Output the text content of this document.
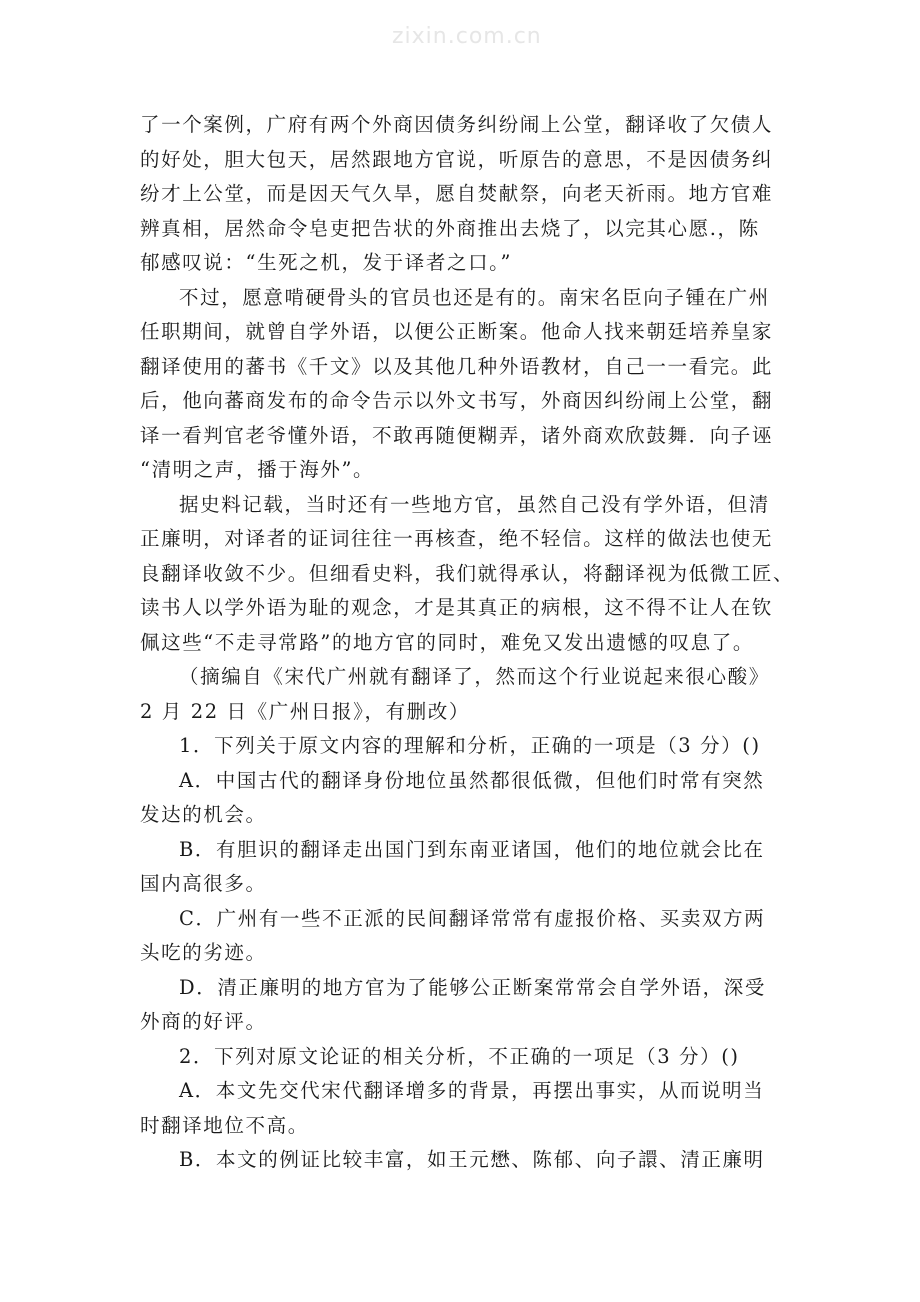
zixin.com.cn
了一个案例，广府有两个外商因债务纠纷闹上公堂，翻译收了欠债人
的好处，胆大包天，居然跟地方官说，听原告的意思，不是因债务纠
纷才上公堂，而是因天气久旱，愿自焚献祭，向老天祈雨。地方官难
辨真相，居然命令皂吏把告状的外商推出去烧了，以完其心愿.，陈
郁感叹说：“生死之机，发于译者之口。”
不过，愿意啃硬骨头的官员也还是有的。南宋名臣向子锺在广州
任职期间，就曾自学外语，以便公正断案。他命人找来朝廷培养皇家
翻译使用的蕃书《千文》以及其他几种外语教材，自己一一看完。此
后，他向蕃商发布的命令告示以外文书写，外商因纠纷闹上公堂，翻
译一看判官老爷懂外语，不敢再随便糊弄，诸外商欢欣鼓舞．向子诬
“清明之声，播于海外”。
据史料记载，当时还有一些地方官，虽然自己没有学外语，但清
正廉明，对译者的证词往往一再核查，绝不轻信。这样的做法也使无
良翻译收敛不少。但细看史料，我们就得承认，将翻译视为低微工匠、
读书人以学外语为耻的观念，才是其真正的病根，这不得不让人在钦
佩这些“不走寻常路”的地方官的同时，难免又发出遗憾的叹息了。
（摘编自《宋代广州就有翻译了，然而这个行业说起来很心酸》
2 月 22 日《广州日报》，有删改）
1．下列关于原文内容的理解和分析，正确的一项是（3 分）()
A．中国古代的翻译身份地位虽然都很低微，但他们时常有突然
发达的机会。
B．有胆识的翻译走出国门到东南亚诸国，他们的地位就会比在
国内高很多。
C．广州有一些不正派的民间翻译常常有虚报价格、买卖双方两
头吃的劣迹。
D．清正廉明的地方官为了能够公正断案常常会自学外语，深受
外商的好评。
2．下列对原文论证的相关分析，不正确的一项足（3 分）()
A．本文先交代宋代翻译增多的背景，再摆出事实，从而说明当
时翻译地位不高。
B．本文的例证比较丰富，如王元懋、陈郁、向子譞、清正廉明
